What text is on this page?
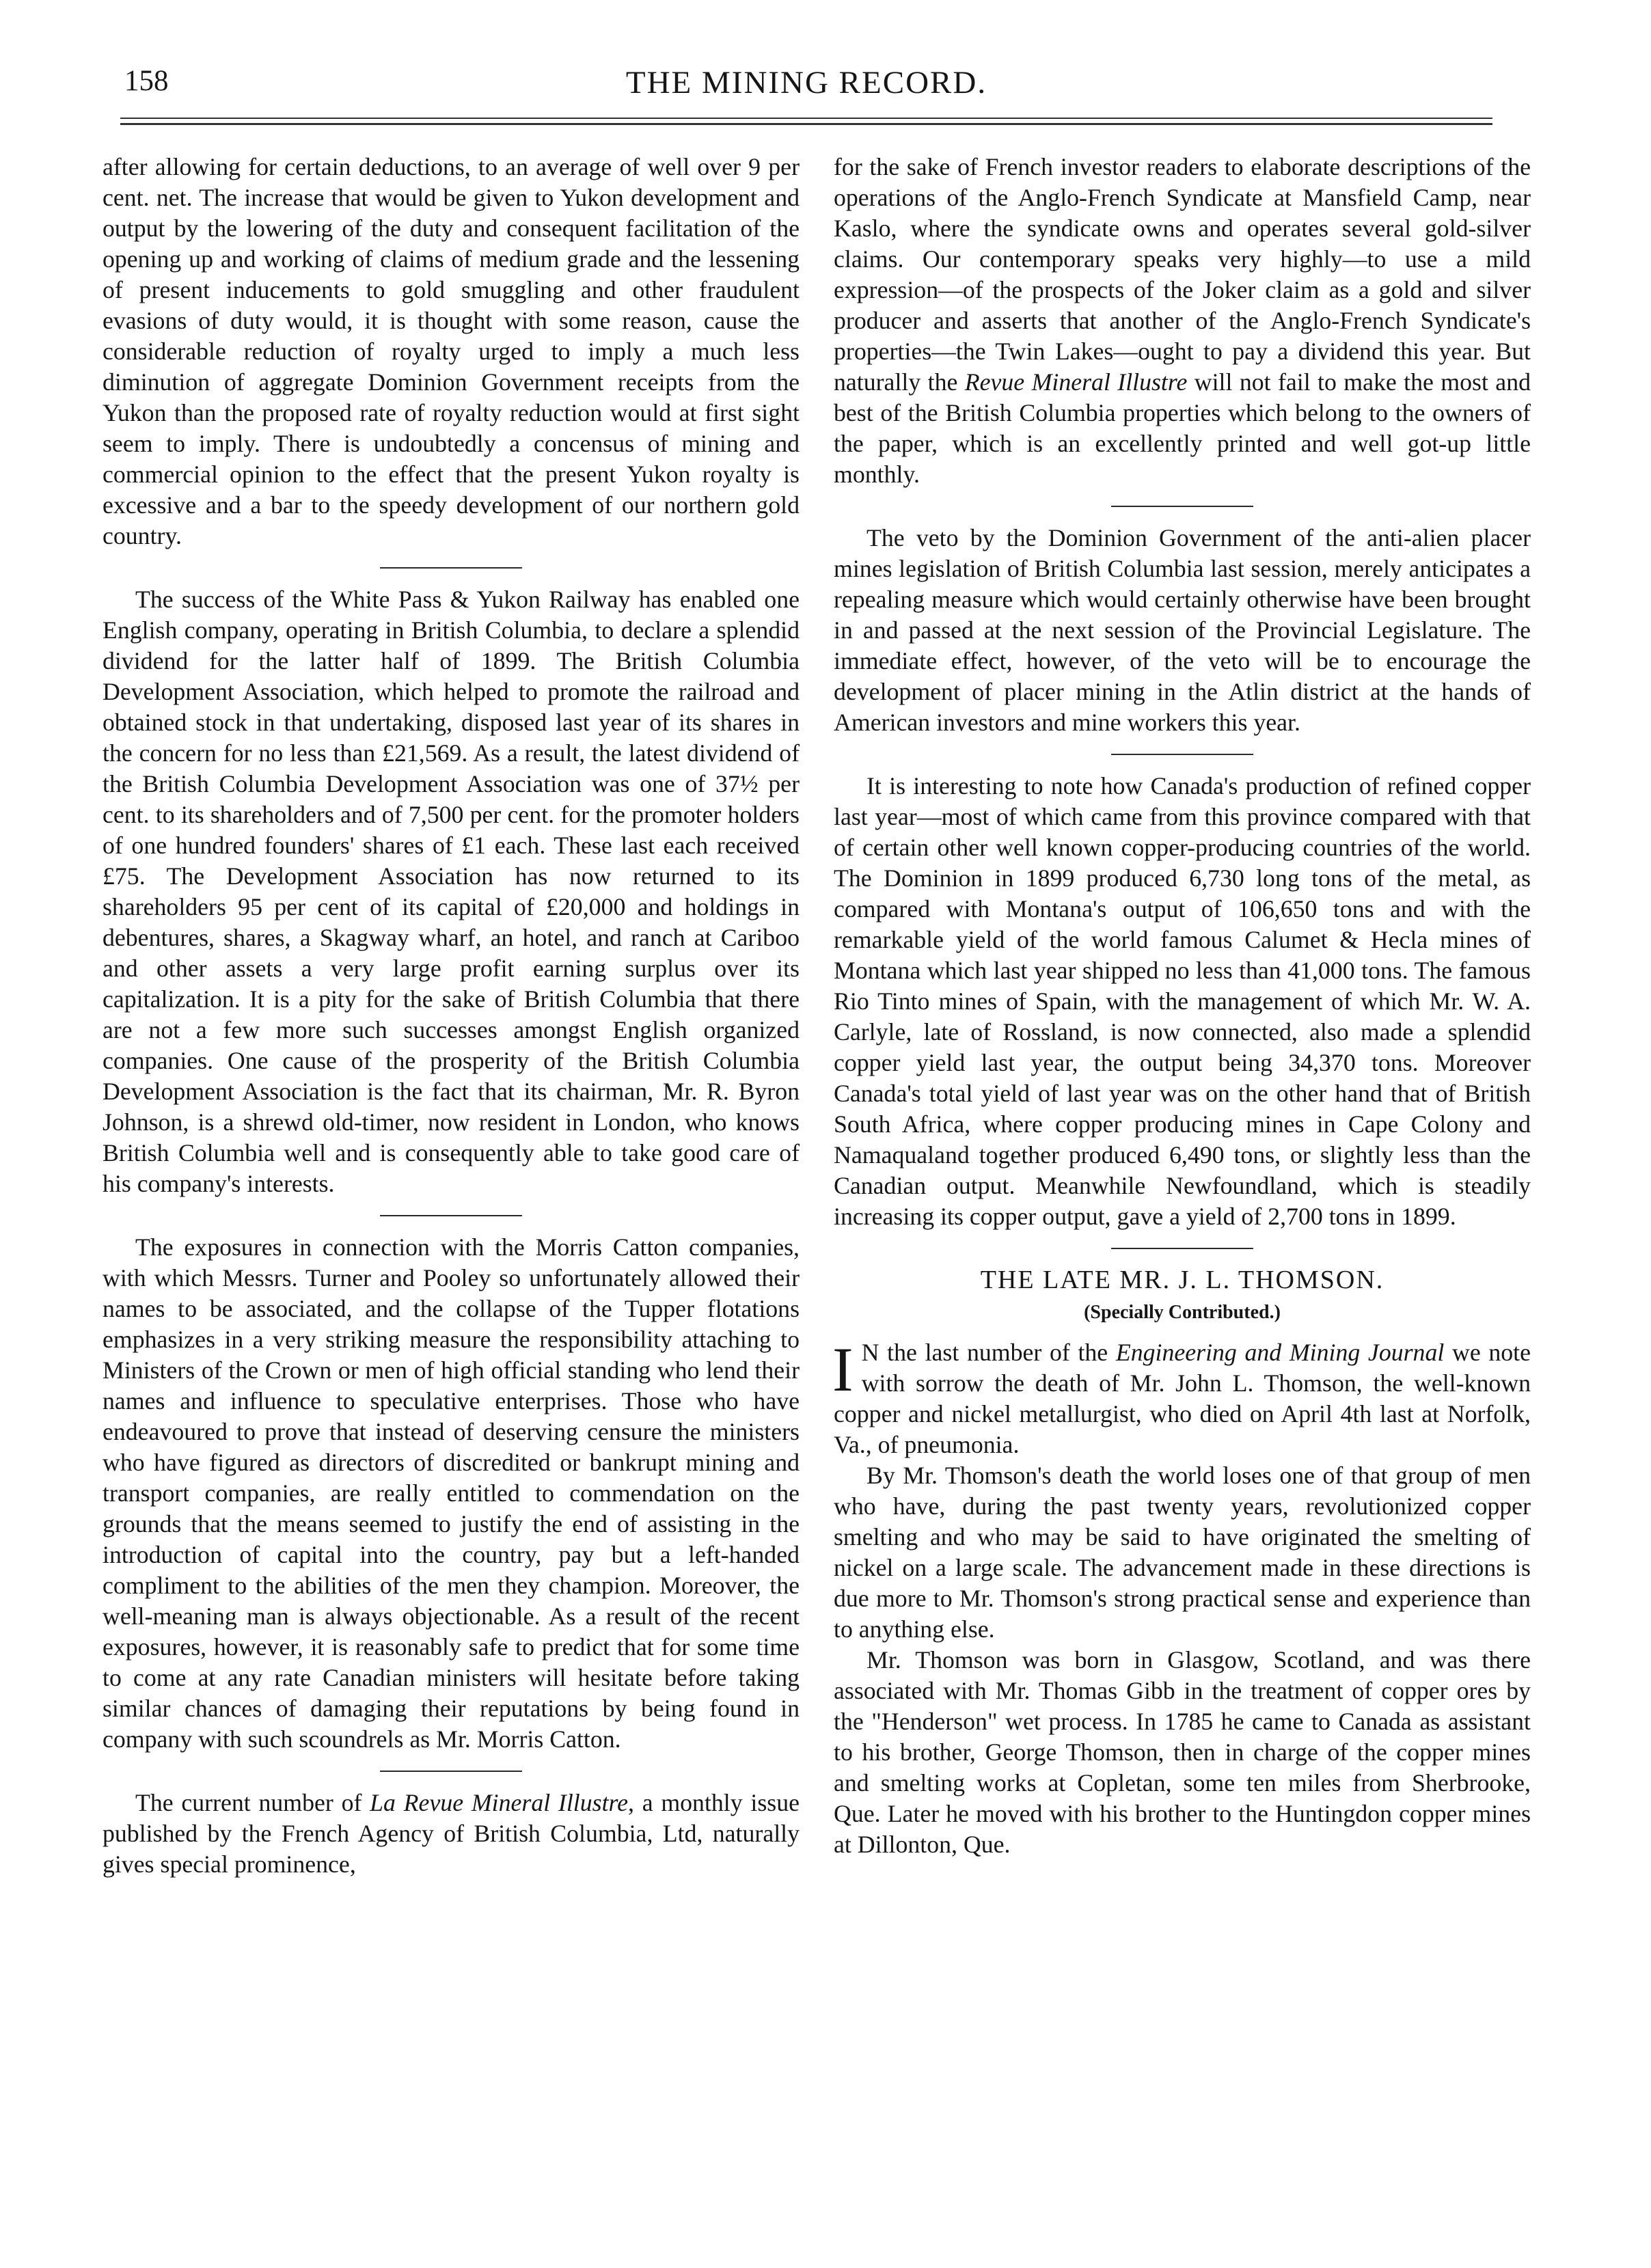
158	THE MINING RECORD.

after allowing for certain deductions, to an average of well over 9 per cent. net. The increase that would be given to Yukon development and output by the lowering of the duty and consequent facilitation of the opening up and working of claims of medium grade and the lessening of present inducements to gold smuggling and other fraudulent evasions of duty would, it is thought with some reason, cause the considerable reduction of royalty urged to imply a much less diminution of aggregate Dominion Government receipts from the Yukon than the proposed rate of royalty reduction would at first sight seem to imply. There is undoubtedly a concensus of mining and commercial opinion to the effect that the present Yukon royalty is excessive and a bar to the speedy development of our northern gold country.

The success of the White Pass & Yukon Railway has enabled one English company, operating in British Columbia, to declare a splendid dividend for the latter half of 1899. The British Columbia Development Association, which helped to promote the railroad and obtained stock in that undertaking, disposed last year of its shares in the concern for no less than £21,569. As a result, the latest dividend of the British Columbia Development Association was one of 37½ per cent. to its shareholders and of 7,500 per cent. for the promoter holders of one hundred founders' shares of £1 each. These last each received £75. The Development Association has now returned to its shareholders 95 per cent of its capital of £20,000 and holdings in debentures, shares, a Skagway wharf, an hotel, and ranch at Cariboo and other assets a very large profit earning surplus over its capitalization. It is a pity for the sake of British Columbia that there are not a few more such successes amongst English organized companies. One cause of the prosperity of the British Columbia Development Association is the fact that its chairman, Mr. R. Byron Johnson, is a shrewd old-timer, now resident in London, who knows British Columbia well and is consequently able to take good care of his company's interests.

The exposures in connection with the Morris Catton companies, with which Messrs. Turner and Pooley so unfortunately allowed their names to be associated, and the collapse of the Tupper flotations emphasizes in a very striking measure the responsibility attaching to Ministers of the Crown or men of high official standing who lend their names and influence to speculative enterprises. Those who have endeavoured to prove that instead of deserving censure the ministers who have figured as directors of discredited or bankrupt mining and transport companies, are really entitled to commendation on the grounds that the means seemed to justify the end of assisting in the introduction of capital into the country, pay but a left-handed compliment to the abilities of the men they champion. Moreover, the well-meaning man is always objectionable. As a result of the recent exposures, however, it is reasonably safe to predict that for some time to come at any rate Canadian ministers will hesitate before taking similar chances of damaging their reputations by being found in company with such scoundrels as Mr. Morris Catton.

The current number of La Revue Mineral Illustre, a monthly issue published by the French Agency of British Columbia, Ltd, naturally gives special prominence,

for the sake of French investor readers to elaborate descriptions of the operations of the Anglo-French Syndicate at Mansfield Camp, near Kaslo, where the syndicate owns and operates several gold-silver claims. Our contemporary speaks very highly—to use a mild expression—of the prospects of the Joker claim as a gold and silver producer and asserts that another of the Anglo-French Syndicate's properties—the Twin Lakes—ought to pay a dividend this year. But naturally the Revue Mineral Illustre will not fail to make the most and best of the British Columbia properties which belong to the owners of the paper, which is an excellently printed and well got-up little monthly.

The veto by the Dominion Government of the anti-alien placer mines legislation of British Columbia last session, merely anticipates a repealing measure which would certainly otherwise have been brought in and passed at the next session of the Provincial Legislature. The immediate effect, however, of the veto will be to encourage the development of placer mining in the Atlin district at the hands of American investors and mine workers this year.

It is interesting to note how Canada's production of refined copper last year—most of which came from this province compared with that of certain other well known copper-producing countries of the world. The Dominion in 1899 produced 6,730 long tons of the metal, as compared with Montana's output of 106,650 tons and with the remarkable yield of the world famous Calumet & Hecla mines of Montana which last year shipped no less than 41,000 tons. The famous Rio Tinto mines of Spain, with the management of which Mr. W. A. Carlyle, late of Rossland, is now connected, also made a splendid copper yield last year, the output being 34,370 tons. Moreover Canada's total yield of last year was on the other hand that of British South Africa, where copper producing mines in Cape Colony and Namaqualand together produced 6,490 tons, or slightly less than the Canadian output. Meanwhile Newfoundland, which is steadily increasing its copper output, gave a yield of 2,700 tons in 1899.

THE LATE MR. J. L. THOMSON.
(Specially Contributed.)

I N the last number of the Engineering and Mining Journal we note with sorrow the death of Mr. John L. Thomson, the well-known copper and nickel metallurgist, who died on April 4th last at Norfolk, Va., of pneumonia.

By Mr. Thomson's death the world loses one of that group of men who have, during the past twenty years, revolutionized copper smelting and who may be said to have originated the smelting of nickel on a large scale. The advancement made in these directions is due more to Mr. Thomson's strong practical sense and experience than to anything else.

Mr. Thomson was born in Glasgow, Scotland, and was there associated with Mr. Thomas Gibb in the treatment of copper ores by the "Henderson" wet process. In 1785 he came to Canada as assistant to his brother, George Thomson, then in charge of the copper mines and smelting works at Copletan, some ten miles from Sherbrooke, Que. Later he moved with his brother to the Huntingdon copper mines at Dillonton, Que.
